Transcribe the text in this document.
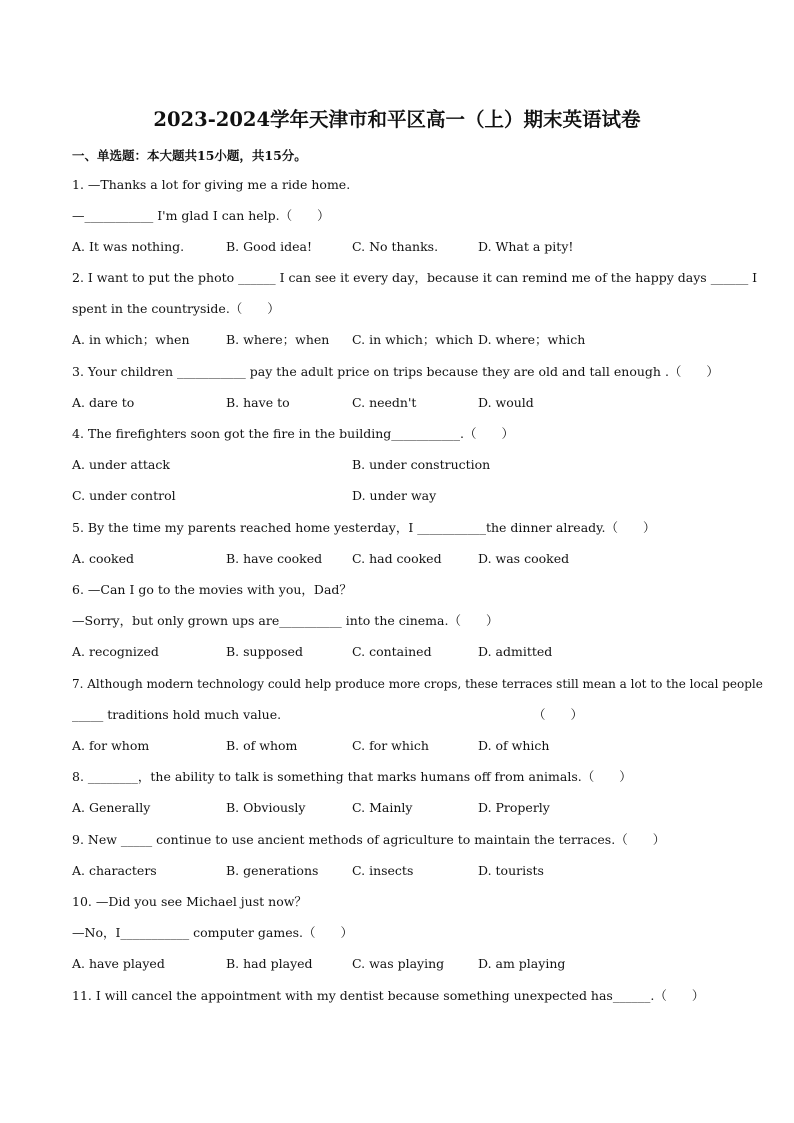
2023-2024学年天津市和平区高一（上）期末英语试卷
一、单选题：本大题共15小题，共15分。
1. —Thanks a lot for giving me a ride home.
—___________ I'm glad I can help.（　　）
A. It was nothing.	B. Good idea!	C. No thanks.	D. What a pity!
2. I want to put the photo ______ I can see it every day，because it can remind me of the happy days ______ I
spent in the countryside.（　　）
A. in which；when	B. where；when C. in which；which D. where；which
3. Your children ___________ pay the adult price on trips because they are old and tall enough .（　　）
A. dare to	B. have to	C. needn't	D. would
4. The firefighters soon got the fire in the building___________.（　　）
A. under attack	B. under construction
C. under control	D. under way
5. By the time my parents reached home yesterday，I ___________the dinner already.（　　）
A. cooked	B. have cooked C. had cooked	D. was cooked
6. —Can I go to the movies with you，Dad？
—Sorry，but only grown ups are__________ into the cinema.（　　）
A. recognized	B. supposed	C. contained	D. admitted
7. Although modern technology could help produce more crops, these terraces still mean a lot to the local people
_____ traditions hold much value.	（　　）
A. for whom	B. of whom	C. for which	D. of which
8. ________，the ability to talk is something that marks humans off from animals.（　　）
A. Generally	B. Obviously	C. Mainly	D. Properly
9. New _____ continue to use ancient methods of agriculture to maintain the terraces.（　　）
A. characters	B. generations	C. insects	D. tourists
10. —Did you see Michael just now？
—No，I___________ computer games.（　　）
A. have played	B. had played	C. was playing	D. am playing
11. I will cancel the appointment with my dentist because something unexpected has______.（　　）
